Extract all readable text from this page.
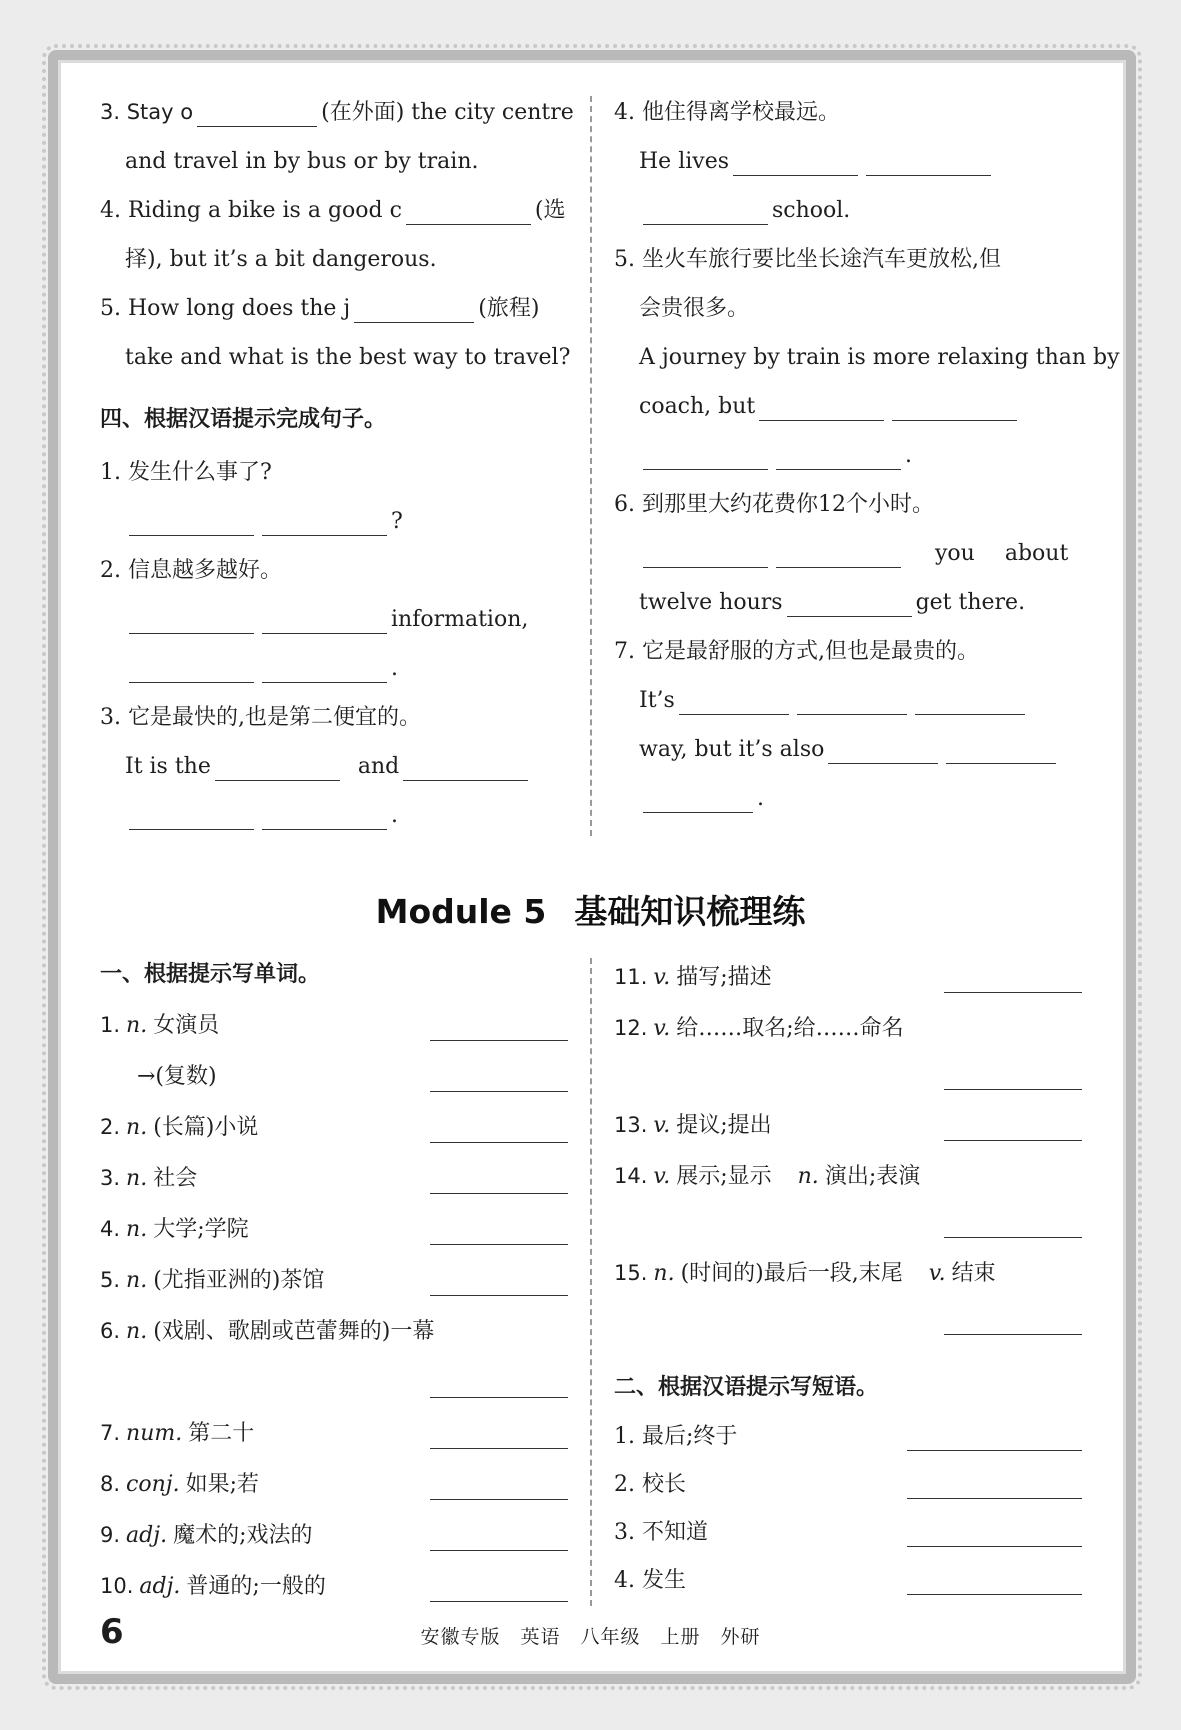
3. Stay o	(在外面) the city centre
and travel in by bus or by train.
4. Riding a bike is a good c	(选
择), but it’s a bit dangerous.
5. How long does the j	(旅程)
take and what is the best way to travel?
四、根据汉语提示完成句子。
1. 发生什么事了?
?
2. 信息越多越好。
information,
.
3. 它是最快的,也是第二便宜的。
It is the	and
.
4. 他住得离学校最远。
He lives
school.
5. 坐火车旅行要比坐长途汽车更放松,但
会贵很多。
A journey by train is more relaxing than by
coach, but
.
6. 到那里大约花费你12个小时。
you about
twelve hours	get there.
7. 它是最舒服的方式,但也是最贵的。
It’s
way, but it’s also
.
Module 5 基础知识梳理练
一、根据提示写单词。
1. n. 女演员
→(复数)
2. n. (长篇)小说
3. n. 社会
4. n. 大学;学院
5. n. (尤指亚洲的)茶馆
6. n. (戏剧、歌剧或芭蕾舞的)一幕
7. num. 第二十
8. conj. 如果;若
9. adj. 魔术的;戏法的
10. adj. 普通的;一般的
11. v. 描写;描述
12. v. 给……取名;给……命名
13. v. 提议;提出
14. v. 展示;显示 n. 演出;表演
15. n. (时间的)最后一段,末尾 v. 结束
二、根据汉语提示写短语。
1. 最后;终于
2. 校长
3. 不知道
4. 发生
6	安徽专版 英语 八年级 上册 外研
